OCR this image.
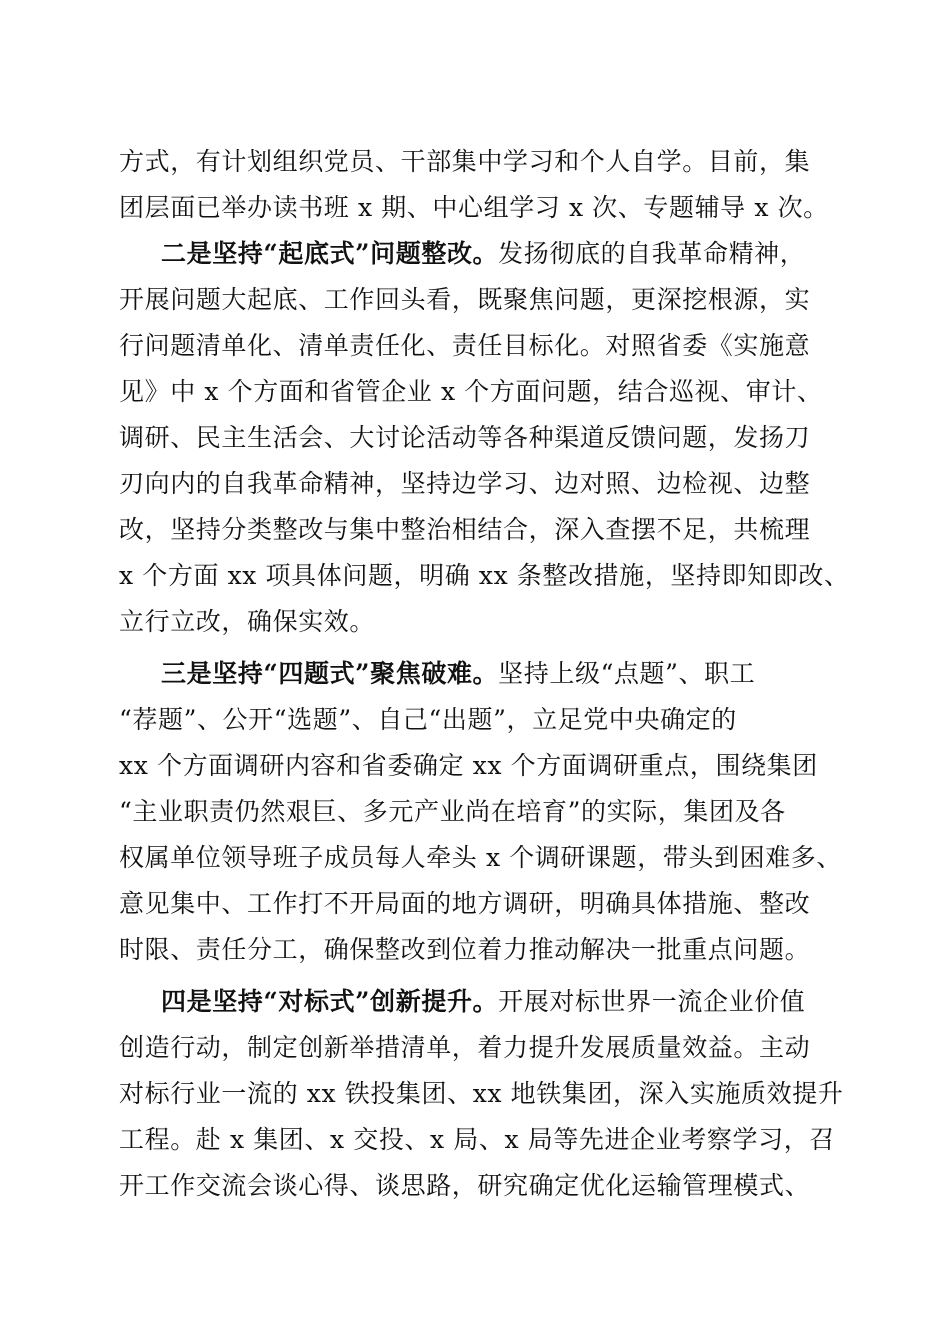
方式，有计划组织党员、干部集中学习和个人自学。目前，集
团层面已举办读书班 x 期、中心组学习 x 次、专题辅导 x 次。
二是坚持“起底式”问题整改。发扬彻底的自我革命精神，
开展问题大起底、工作回头看，既聚焦问题，更深挖根源，实
行问题清单化、清单责任化、责任目标化。对照省委《实施意
见》中 x 个方面和省管企业 x 个方面问题，结合巡视、审计、
调研、民主生活会、大讨论活动等各种渠道反馈问题，发扬刀
刃向内的自我革命精神，坚持边学习、边对照、边检视、边整
改，坚持分类整改与集中整治相结合，深入查摆不足，共梳理
x 个方面 xx 项具体问题，明确 xx 条整改措施，坚持即知即改、
立行立改，确保实效。
三是坚持“四题式”聚焦破难。坚持上级“点题”、职工
“荐题”、公开“选题”、自己“出题”，立足党中央确定的
xx 个方面调研内容和省委确定 xx 个方面调研重点，围绕集团
“主业职责仍然艰巨、多元产业尚在培育”的实际，集团及各
权属单位领导班子成员每人牵头 x 个调研课题，带头到困难多、
意见集中、工作打不开局面的地方调研，明确具体措施、整改
时限、责任分工，确保整改到位着力推动解决一批重点问题。
四是坚持“对标式”创新提升。开展对标世界一流企业价值
创造行动，制定创新举措清单，着力提升发展质量效益。主动
对标行业一流的 xx 铁投集团、xx 地铁集团，深入实施质效提升
工程。赴 x 集团、x 交投、x 局、x 局等先进企业考察学习，召
开工作交流会谈心得、谈思路，研究确定优化运输管理模式、
